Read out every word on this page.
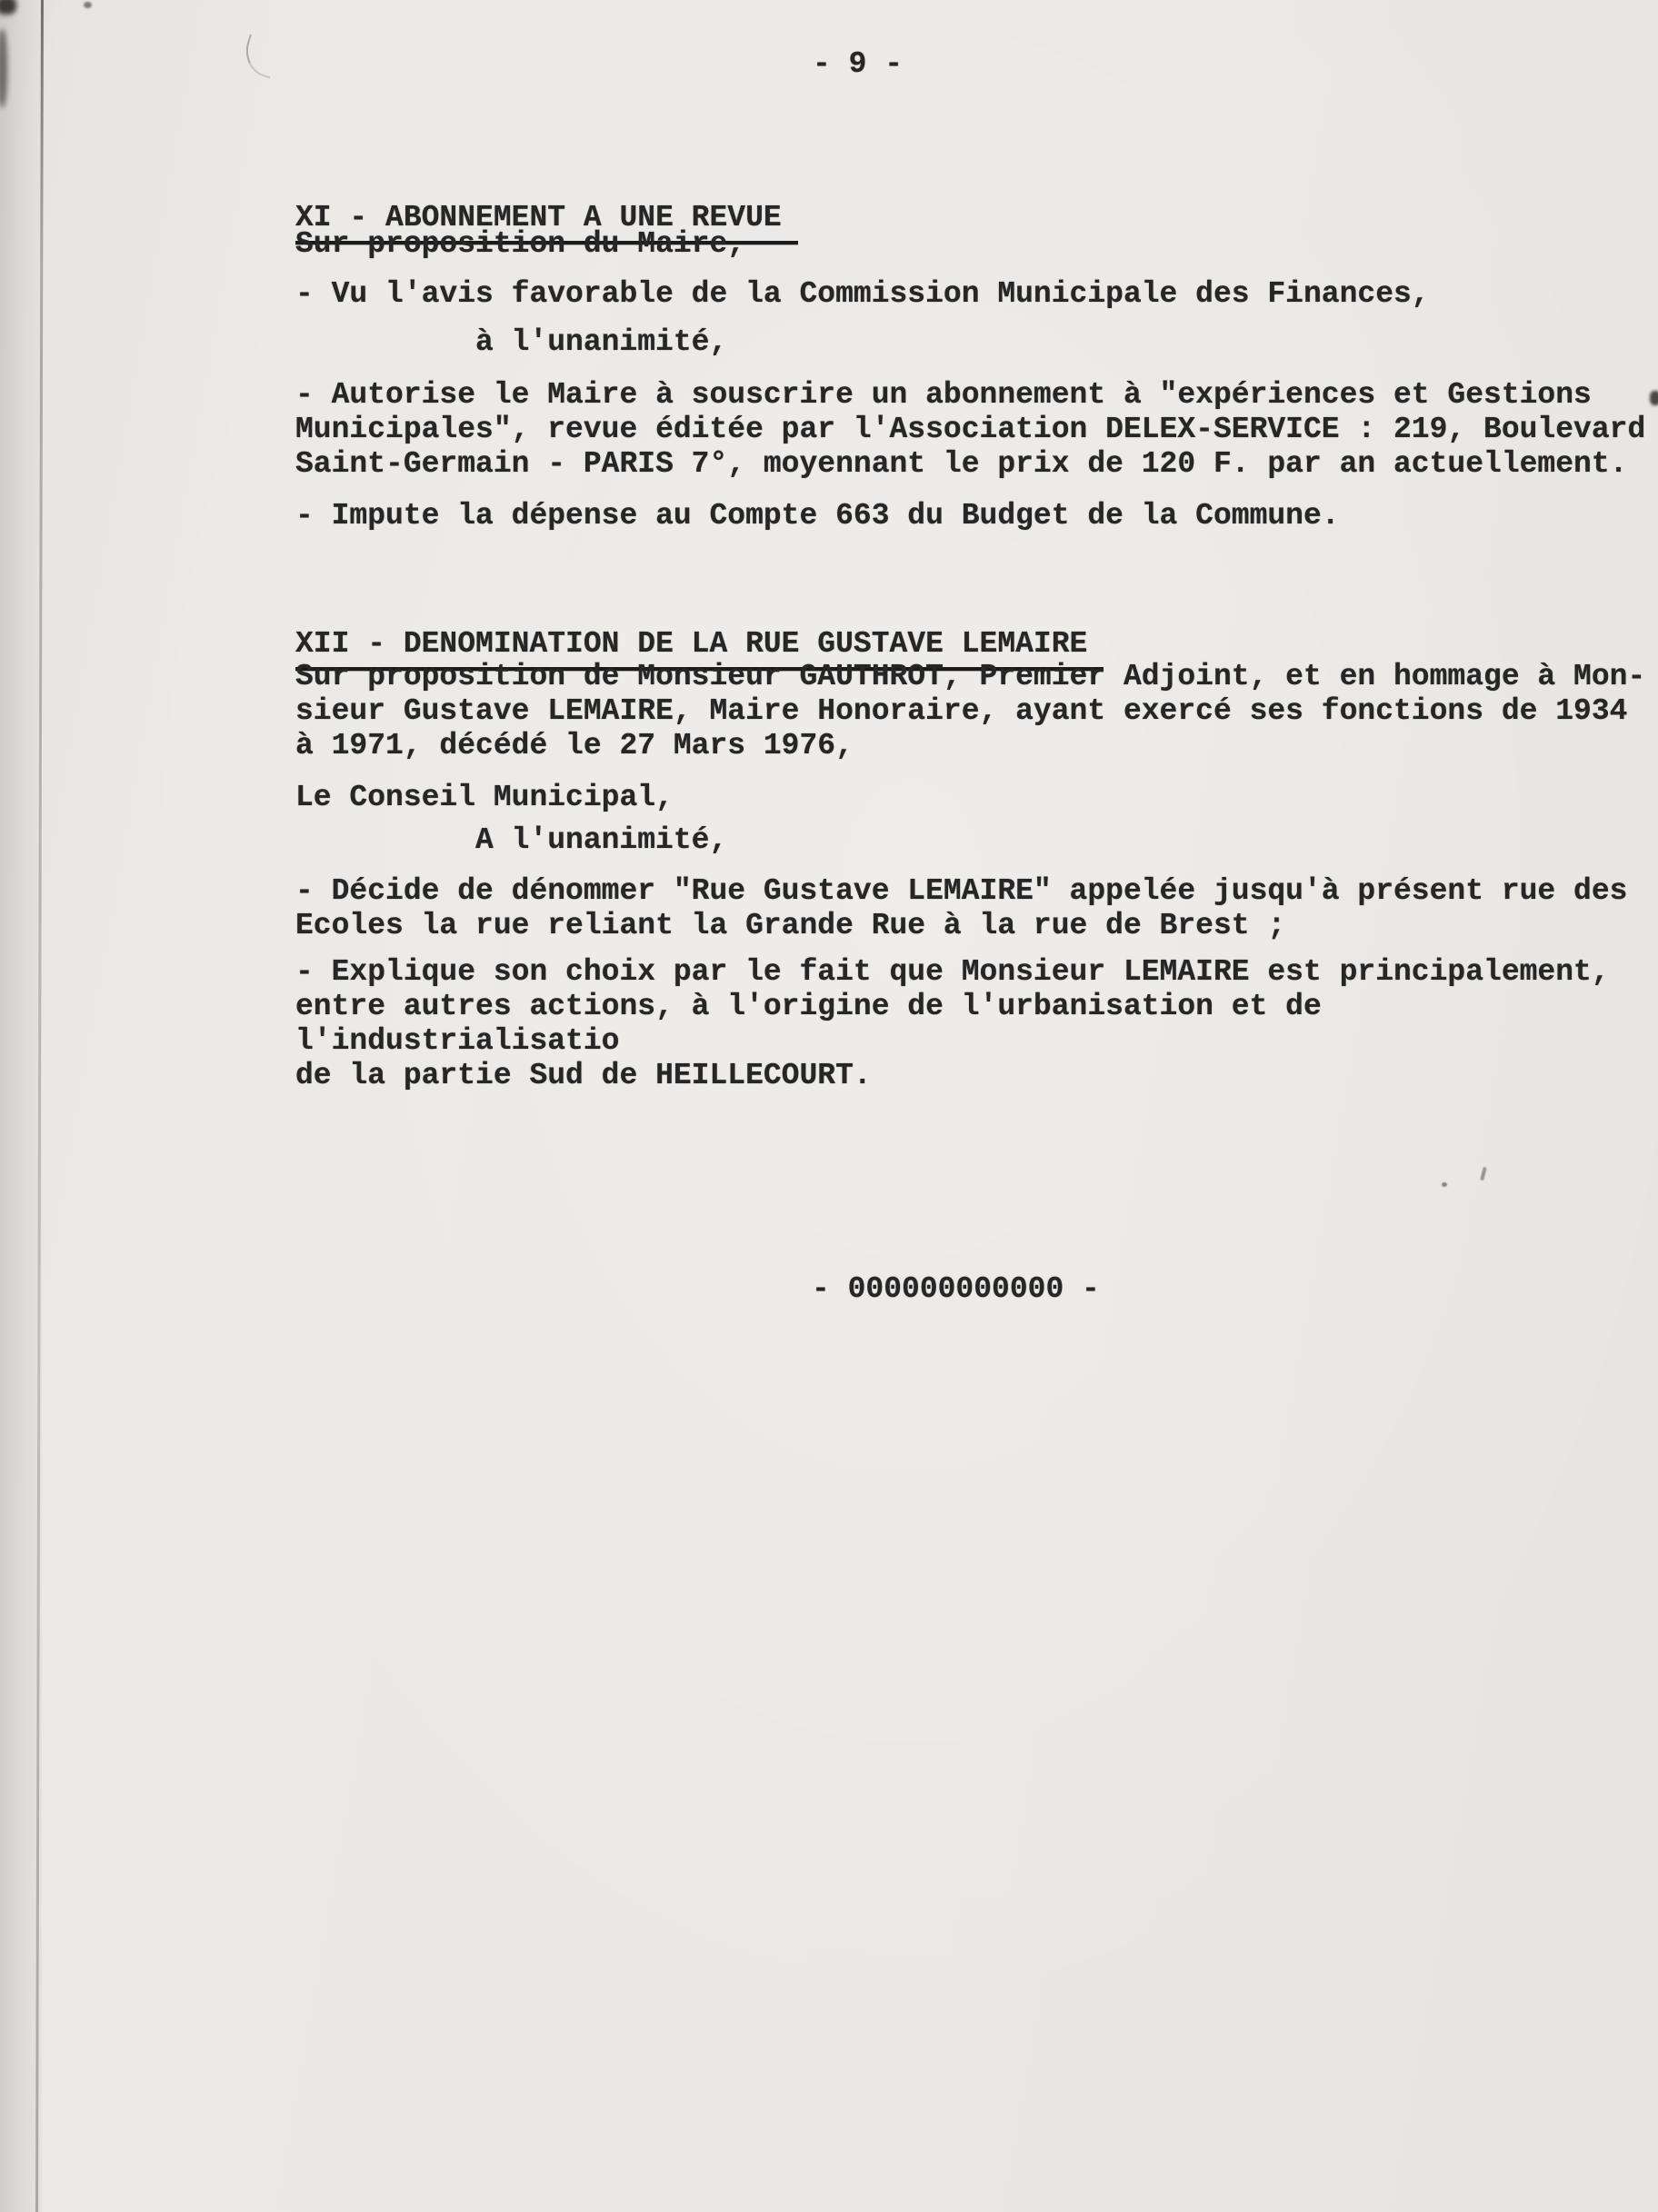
- 9 -

XI - ABONNEMENT A UNE REVUE

Sur proposition du Maire,
- Vu l'avis favorable de la Commission Municipale des Finances,
à l'unanimité,
- Autorise le Maire à souscrire un abonnement à "expériences et Gestions
Municipales", revue éditée par l'Association DELEX-SERVICE : 219, Boulevard
Saint-Germain - PARIS 7°, moyennant le prix de 120 F. par an actuellement.
- Impute la dépense au Compte 663 du Budget de la Commune.

XII - DENOMINATION DE LA RUE GUSTAVE LEMAIRE

Sur proposition de Monsieur GAUTHROT, Premier Adjoint, et en hommage à Mon-
sieur Gustave LEMAIRE, Maire Honoraire, ayant exercé ses fonctions de 1934
à 1971, décédé le 27 Mars 1976,
Le Conseil Municipal,
A l'unanimité,
- Décide de dénommer "Rue Gustave LEMAIRE" appelée jusqu'à présent rue des
Ecoles la rue reliant la Grande Rue à la rue de Brest ;
- Explique son choix par le fait que Monsieur LEMAIRE est principalement,
entre autres actions, à l'origine de l'urbanisation et de l'industrialisatio
de la partie Sud de HEILLECOURT.
- 000000000000 -
